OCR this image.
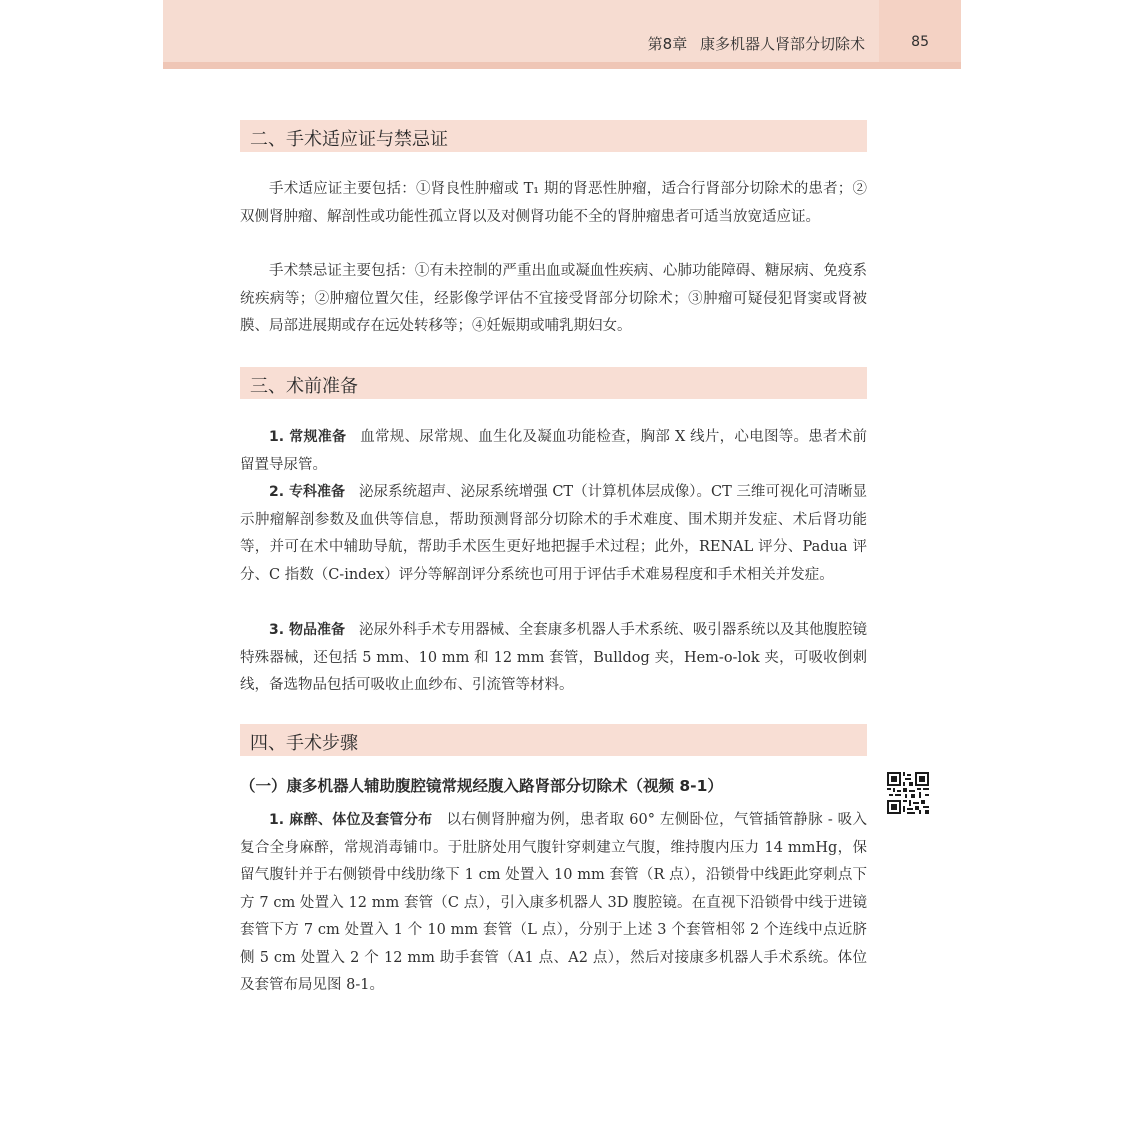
第8章 康多机器人肾部分切除术	85
二、手术适应证与禁忌证

手术适应证主要包括：①肾良性肿瘤或 T₁ 期的肾恶性肿瘤，适合行肾部分切除术的患者；②双侧肾肿瘤、解剖性或功能性孤立肾以及对侧肾功能不全的肾肿瘤患者可适当放宽适应证。

手术禁忌证主要包括：①有未控制的严重出血或凝血性疾病、心肺功能障碍、糖尿病、免疫系统疾病等；②肿瘤位置欠佳，经影像学评估不宜接受肾部分切除术；③肿瘤可疑侵犯肾窦或肾被膜、局部进展期或存在远处转移等；④妊娠期或哺乳期妇女。

三、术前准备

1. 常规准备 血常规、尿常规、血生化及凝血功能检查，胸部 X 线片，心电图等。患者术前留置导尿管。

2. 专科准备 泌尿系统超声、泌尿系统增强 CT（计算机体层成像）。CT 三维可视化可清晰显示肿瘤解剖参数及血供等信息，帮助预测肾部分切除术的手术难度、围术期并发症、术后肾功能等，并可在术中辅助导航，帮助手术医生更好地把握手术过程；此外，RENAL 评分、Padua 评分、C 指数（C-index）评分等解剖评分系统也可用于评估手术难易程度和手术相关并发症。

3. 物品准备 泌尿外科手术专用器械、全套康多机器人手术系统、吸引器系统以及其他腹腔镜特殊器械，还包括 5 mm、10 mm 和 12 mm 套管，Bulldog 夹，Hem-o-lok 夹，可吸收倒刺线，备选物品包括可吸收止血纱布、引流管等材料。

四、手术步骤
（一）康多机器人辅助腹腔镜常规经腹入路肾部分切除术（视频 8-1）

1. 麻醉、体位及套管分布 以右侧肾肿瘤为例，患者取 60° 左侧卧位，气管插管静脉 - 吸入复合全身麻醉，常规消毒铺巾。于肚脐处用气腹针穿刺建立气腹，维持腹内压力 14 mmHg，保留气腹针并于右侧锁骨中线肋缘下 1 cm 处置入 10 mm 套管（R 点），沿锁骨中线距此穿刺点下方 7 cm 处置入 12 mm 套管（C 点），引入康多机器人 3D 腹腔镜。在直视下沿锁骨中线于进镜套管下方 7 cm 处置入 1 个 10 mm 套管（L 点），分别于上述 3 个套管相邻 2 个连线中点近脐侧 5 cm 处置入 2 个 12 mm 助手套管（A1 点、A2 点），然后对接康多机器人手术系统。体位及套管布局见图 8-1。
